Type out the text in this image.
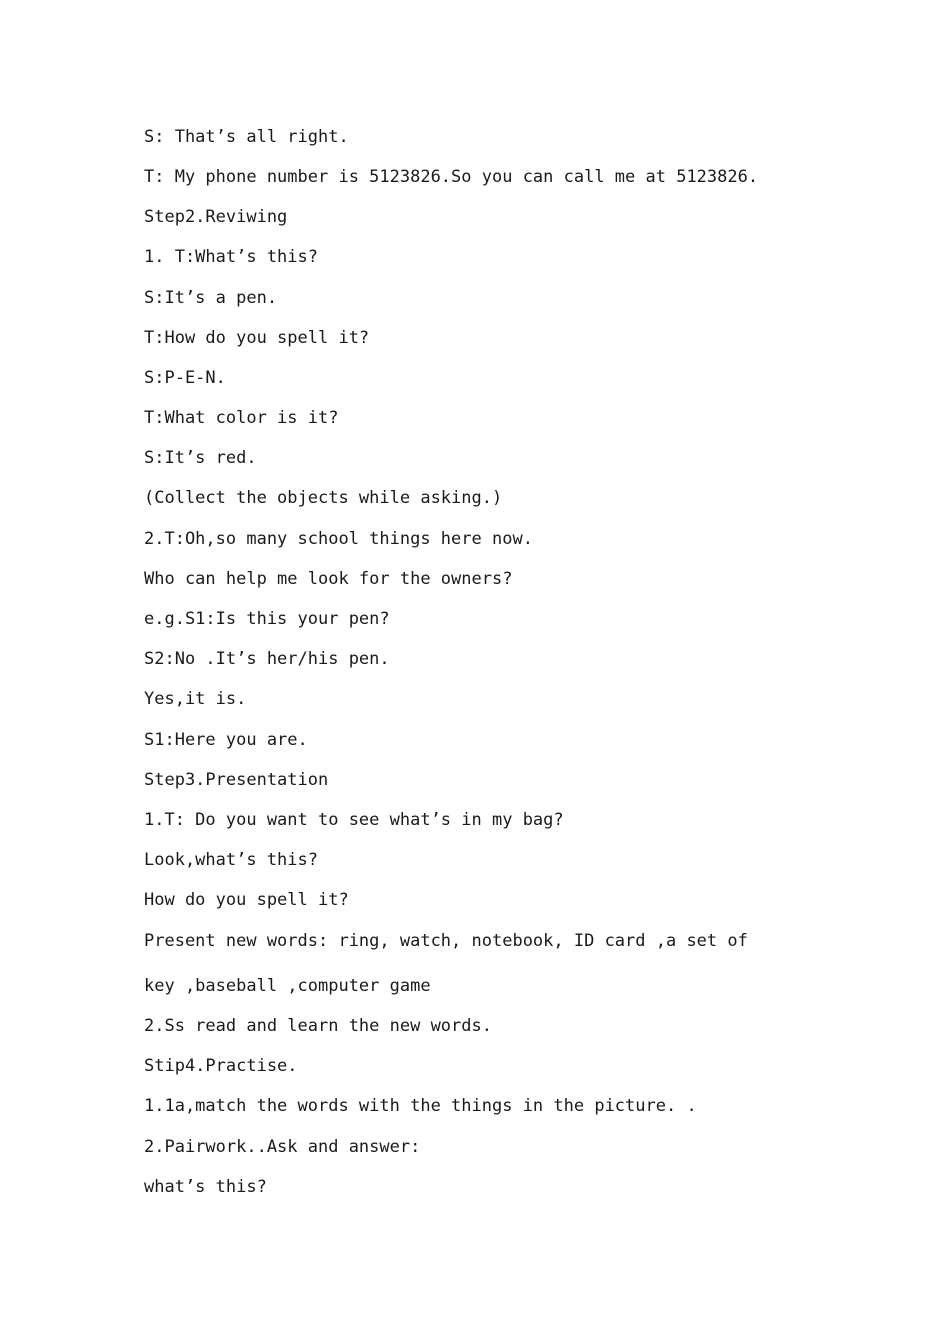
S: That’s all right.

T: My phone number is 5123826.So you can call me at 5123826.

Step2.Reviwing

1. T:What’s this?

S:It’s a pen.

T:How do you spell it?

S:P-E-N.

T:What color is it?

S:It’s red.

(Collect the objects while asking.)

2.T:Oh,so many school things here now.

Who can help me look for the owners?

e.g.S1:Is this your pen?

S2:No .It’s her/his pen.

Yes,it is.

S1:Here you are.

Step3.Presentation

1.T: Do you want to see what’s in my bag?

Look,what’s this?

How do you spell it?

Present new words: ring, watch, notebook, ID card ,a set of

key ,baseball ,computer game

2.Ss read and learn the new words.

Stip4.Practise.

1.1a,match the words with the things in the picture. .

2.Pairwork..Ask and answer:

what’s this?
